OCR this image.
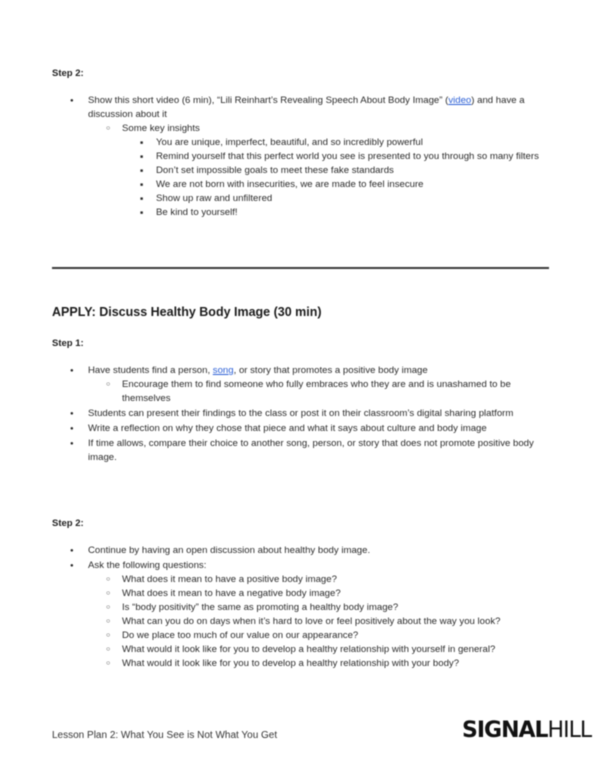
Step 2:
● Show this short video (6 min), “Lili Reinhart’s Revealing Speech About Body Image” (video) and have a discussion about it
○ Some key insights
■ You are unique, imperfect, beautiful, and so incredibly powerful
■ Remind yourself that this perfect world you see is presented to you through so many filters
■ Don’t set impossible goals to meet these fake standards
■ We are not born with insecurities, we are made to feel insecure
■ Show up raw and unfiltered
■ Be kind to yourself!
APPLY: Discuss Healthy Body Image (30 min)
Step 1:
● Have students find a person, song, or story that promotes a positive body image
○ Encourage them to find someone who fully embraces who they are and is unashamed to be themselves
● Students can present their findings to the class or post it on their classroom’s digital sharing platform
● Write a reflection on why they chose that piece and what it says about culture and body image
● If time allows, compare their choice to another song, person, or story that does not promote positive body image.
Step 2:
● Continue by having an open discussion about healthy body image.
● Ask the following questions:
○ What does it mean to have a positive body image?
○ What does it mean to have a negative body image?
○ Is “body positivity” the same as promoting a healthy body image?
○ What can you do on days when it’s hard to love or feel positively about the way you look?
○ Do we place too much of our value on our appearance?
○ What would it look like for you to develop a healthy relationship with yourself in general?
○ What would it look like for you to develop a healthy relationship with your body?
Lesson Plan 2: What You See is Not What You Get	SIGNALHILL
